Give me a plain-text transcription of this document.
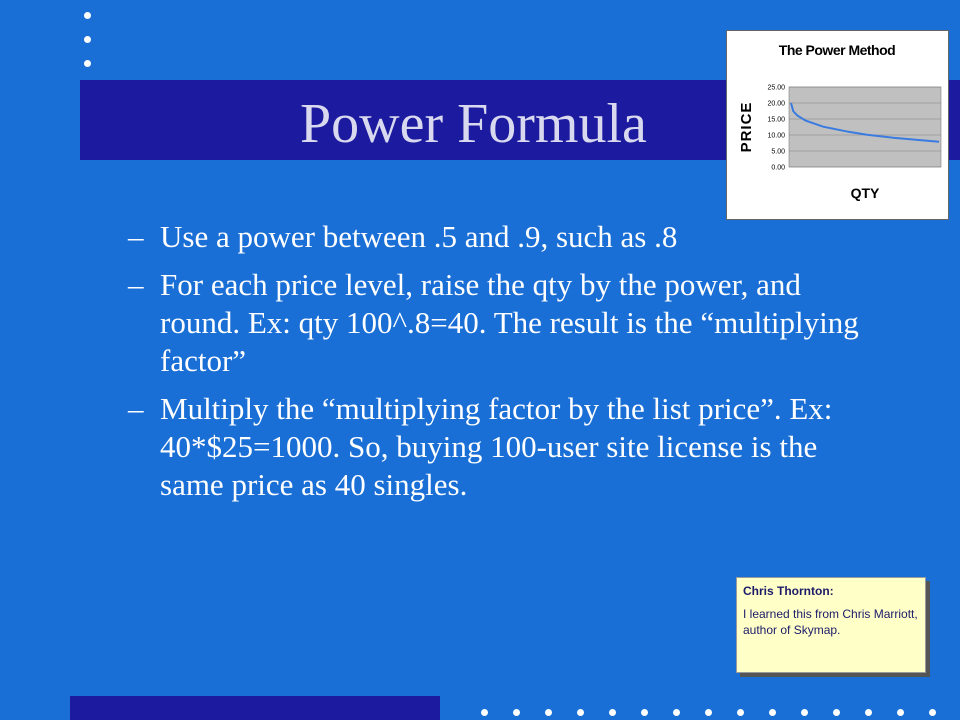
Power Formula

– Use a power between .5 and .9, such as .8

– For each price level, raise the qty by the power, and round. Ex: qty 100^.8=40. The result is the “multiplying factor”

– Multiply the “multiplying factor by the list price”. Ex: 40*$25=1000. So, buying 100-user site license is the same price as 40 singles.

The Power Method
25.00
20.00
15.00
10.00
5.00
0.00
PRICE
QTY
Chris Thornton:
I learned this from Chris Marriott, author of Skymap.
